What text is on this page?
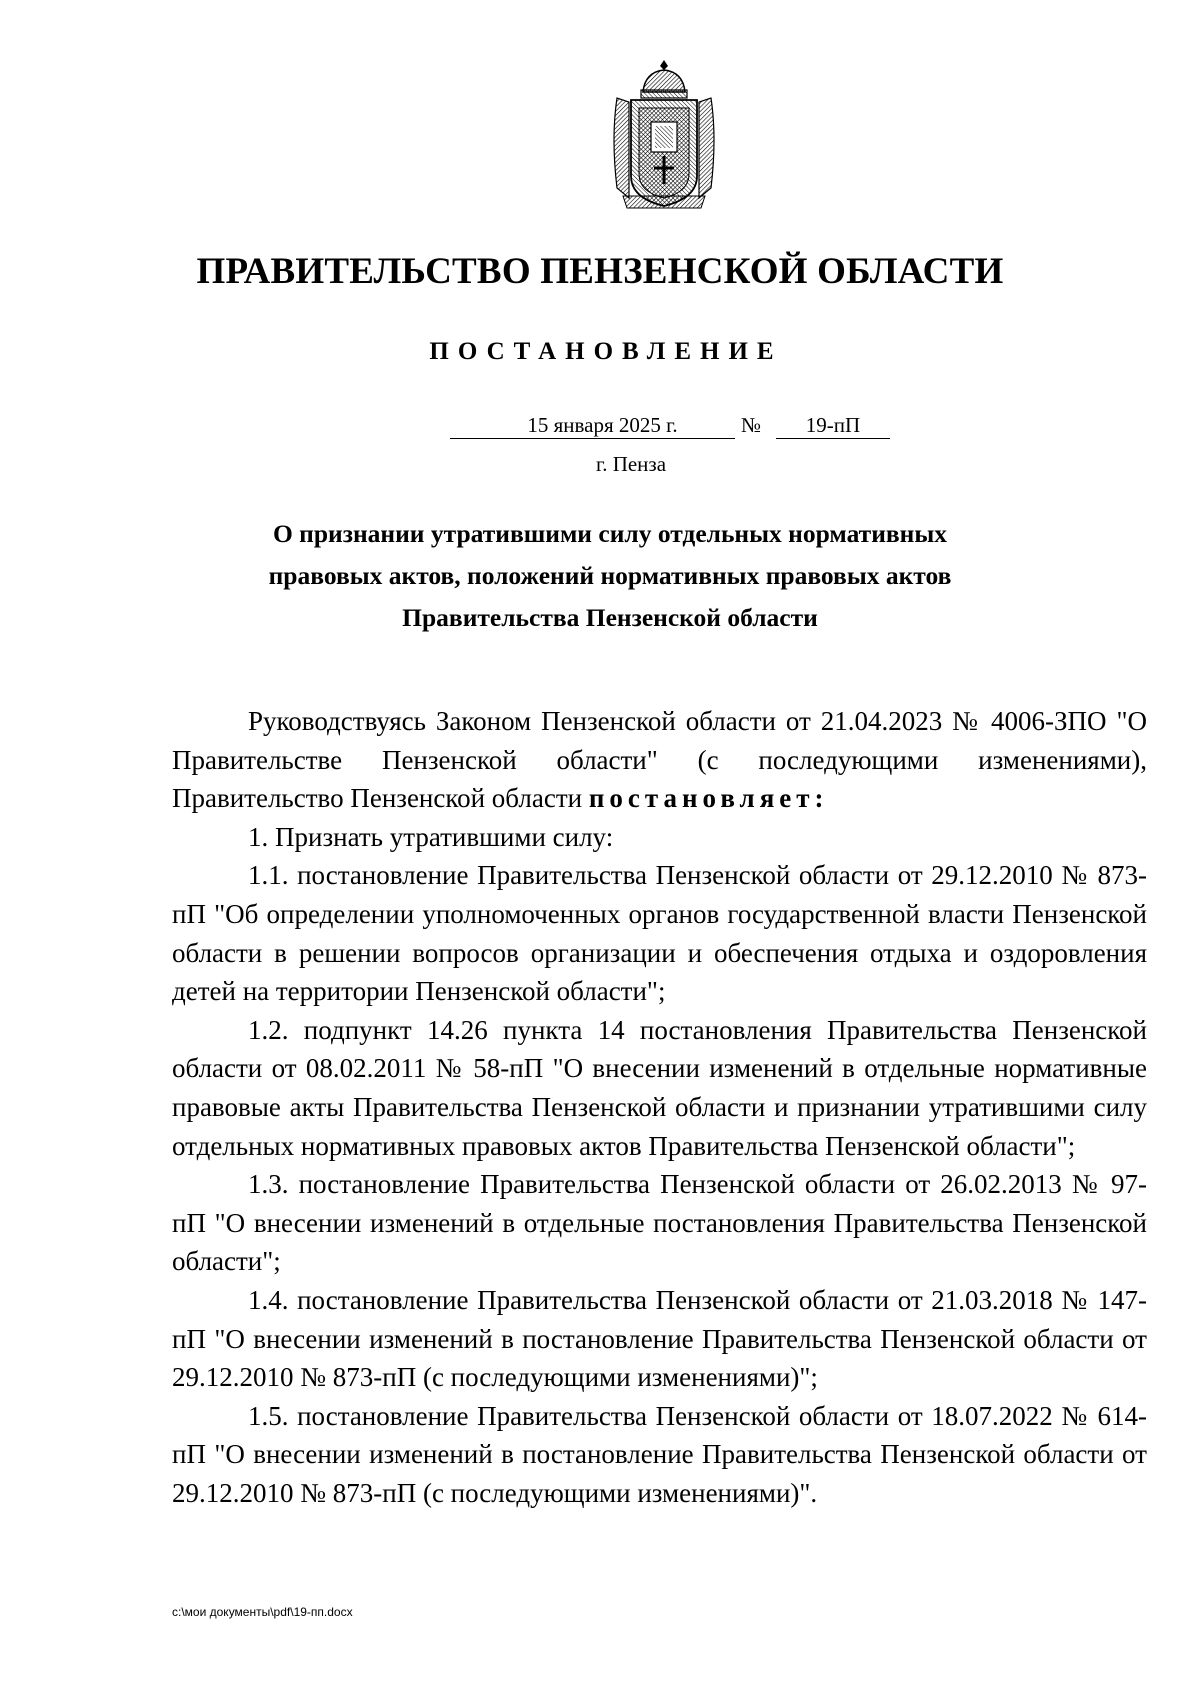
ПРАВИТЕЛЬСТВО ПЕНЗЕНСКОЙ ОБЛАСТИ
ПОСТАНОВЛЕНИЕ
15 января 2025 г.	№	19-пП
г. Пенза
О признании утратившими силу отдельных нормативных
правовых актов, положений нормативных правовых актов
Правительства Пензенской области

Руководствуясь Законом Пензенской области от 21.04.2023 № 4006-ЗПО "О Правительстве Пензенской области" (с последующими изменениями), Правительство Пензенской области постановляет:

1. Признать утратившими силу:

1.1. постановление Правительства Пензенской области от 29.12.2010 № 873-пП "Об определении уполномоченных органов государственной власти Пензенской области в решении вопросов организации и обеспечения отдыха и оздоровления детей на территории Пензенской области";

1.2. подпункт 14.26 пункта 14 постановления Правительства Пензенской области от 08.02.2011 № 58-пП "О внесении изменений в отдельные нормативные правовые акты Правительства Пензенской области и признании утратившими силу отдельных нормативных правовых актов Правительства Пензенской области";

1.3. постановление Правительства Пензенской области от 26.02.2013 № 97-пП "О внесении изменений в отдельные постановления Правительства Пензенской области";

1.4. постановление Правительства Пензенской области от 21.03.2018 № 147-пП "О внесении изменений в постановление Правительства Пензенской области от 29.12.2010 № 873-пП (с последующими изменениями)";

1.5. постановление Правительства Пензенской области от 18.07.2022 № 614-пП "О внесении изменений в постановление Правительства Пензенской области от 29.12.2010 № 873-пП (с последующими изменениями)".

c:\мои документы\pdf\19-пп.docx
